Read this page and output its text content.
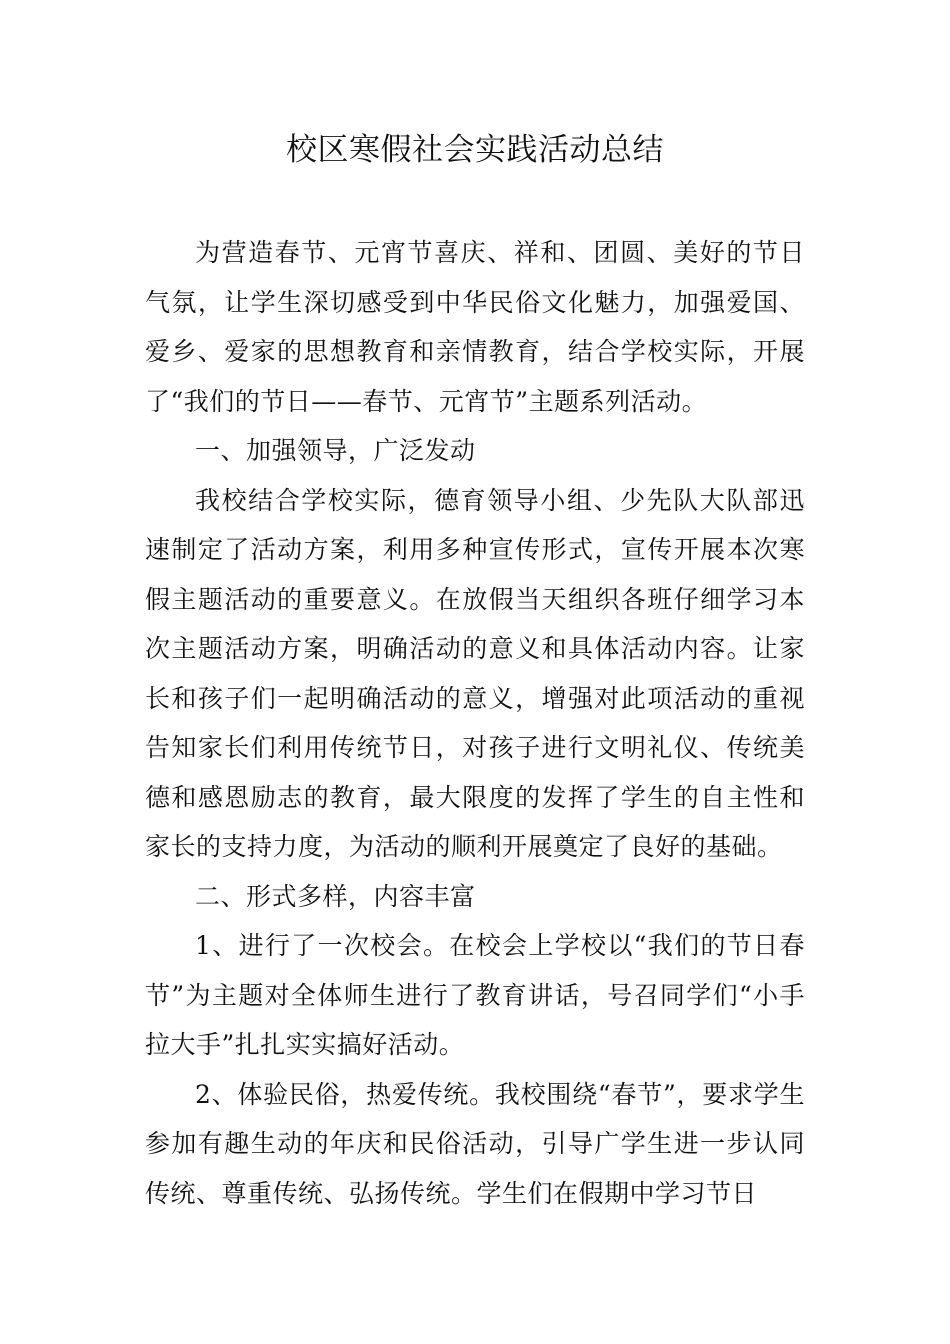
校区寒假社会实践活动总结

为营造春节、元宵节喜庆、祥和、团圆、美好的节日气氛，让学生深切感受到中华民俗文化魅力，加强爱国、爱乡、爱家的思想教育和亲情教育，结合学校实际，开展了“我们的节日——春节、元宵节”主题系列活动。

一、加强领导，广泛发动

我校结合学校实际，德育领导小组、少先队大队部迅速制定了活动方案，利用多种宣传形式，宣传开展本次寒假主题活动的重要意义。在放假当天组织各班仔细学习本次主题活动方案，明确活动的意义和具体活动内容。让家长和孩子们一起明确活动的意义，增强对此项活动的重视告知家长们利用传统节日，对孩子进行文明礼仪、传统美德和感恩励志的教育，最大限度的发挥了学生的自主性和家长的支持力度，为活动的顺利开展奠定了良好的基础。

二、形式多样，内容丰富

1、进行了一次校会。在校会上学校以“我们的节日春节”为主题对全体师生进行了教育讲话，号召同学们“小手拉大手”扎扎实实搞好活动。

2、体验民俗，热爱传统。我校围绕“春节”，要求学生参加有趣生动的年庆和民俗活动，引导广学生进一步认同传统、尊重传统、弘扬传统。学生们在假期中学习节日
